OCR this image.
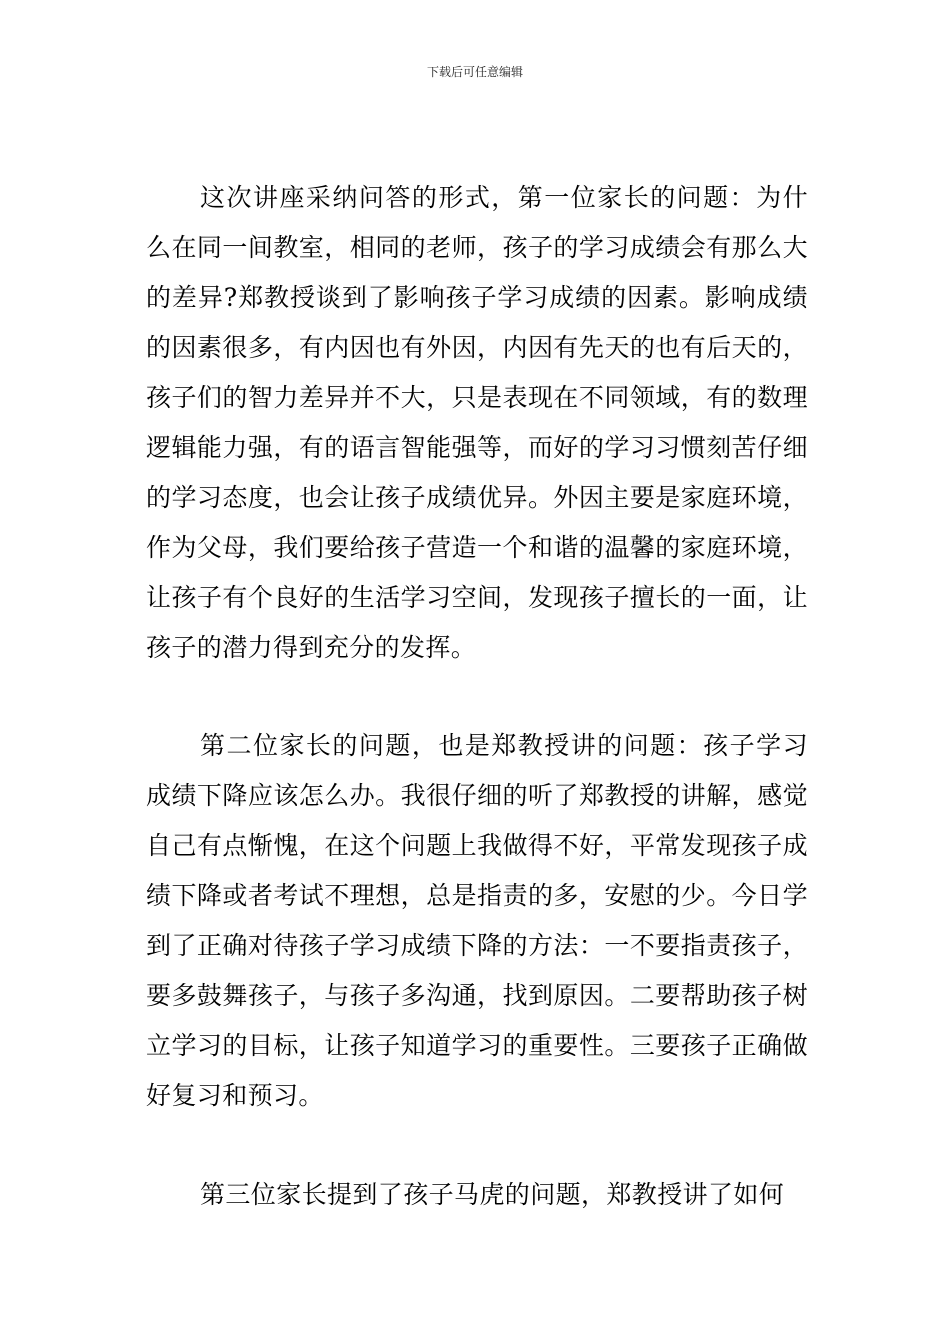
下载后可任意编辑

这次讲座采纳问答的形式，第一位家长的问题：为什么在同一间教室，相同的老师，孩子的学习成绩会有那么大的差异?郑教授谈到了影响孩子学习成绩的因素。影响成绩的因素很多，有内因也有外因，内因有先天的也有后天的，孩子们的智力差异并不大，只是表现在不同领域，有的数理逻辑能力强，有的语言智能强等，而好的学习习惯刻苦仔细的学习态度，也会让孩子成绩优异。外因主要是家庭环境，作为父母，我们要给孩子营造一个和谐的温馨的家庭环境，让孩子有个良好的生活学习空间，发现孩子擅长的一面，让孩子的潜力得到充分的发挥。

第二位家长的问题，也是郑教授讲的问题：孩子学习成绩下降应该怎么办。我很仔细的听了郑教授的讲解，感觉自己有点惭愧，在这个问题上我做得不好，平常发现孩子成绩下降或者考试不理想，总是指责的多，安慰的少。今日学到了正确对待孩子学习成绩下降的方法：一不要指责孩子，要多鼓舞孩子，与孩子多沟通，找到原因。二要帮助孩子树立学习的目标，让孩子知道学习的重要性。三要孩子正确做好复习和预习。

第三位家长提到了孩子马虎的问题，郑教授讲了如何
